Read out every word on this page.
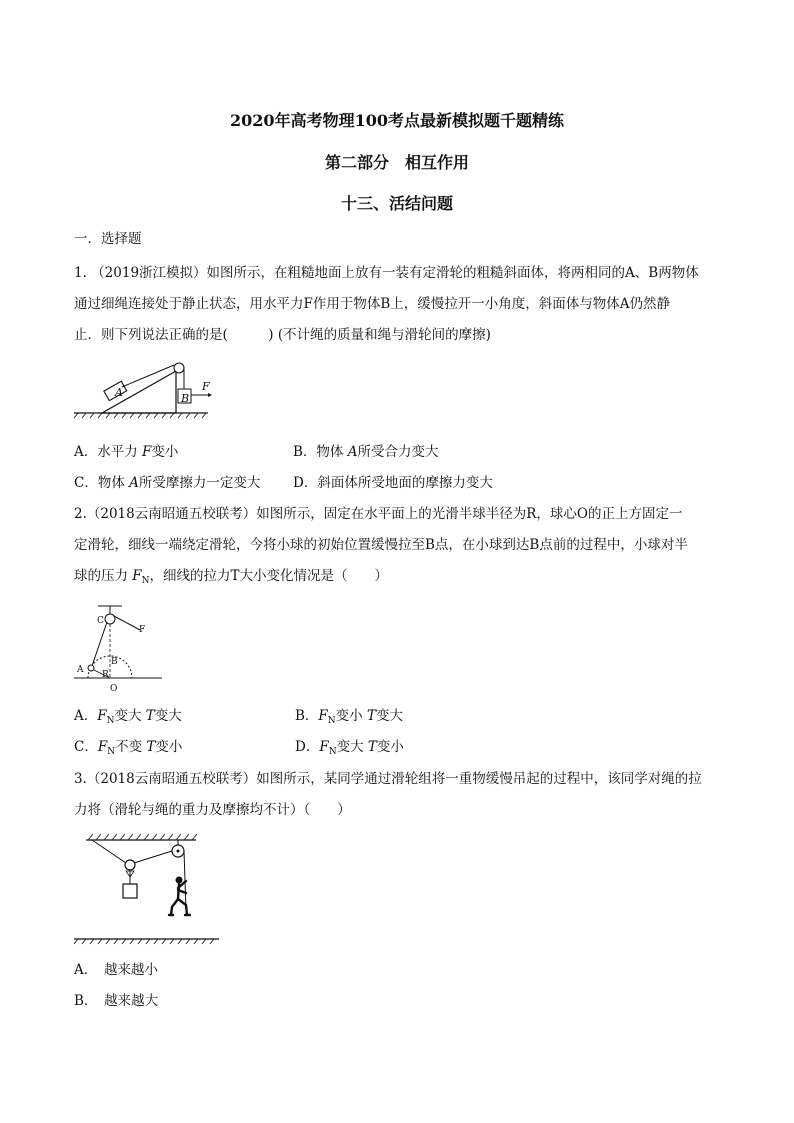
2020年高考物理100考点最新模拟题千题精练
第二部分　相互作用
十三、活结问题
一．选择题
1. （2019浙江模拟）如图所示，在粗糙地面上放有一装有定滑轮的粗糙斜面体，将两相同的A、B两物体
通过细绳连接处于静止状态，用水平力F作用于物体B上，缓慢拉开一小角度，斜面体与物体A仍然静
止．则下列说法正确的是(　　　) (不计绳的质量和绳与滑轮间的摩擦)
A	B
F
A．水平力 F变小	B．物体 A所受合力变大
C．物体 A所受摩擦力一定变大 D．斜面体所受地面的摩擦力变大
2.（2018云南昭通五校联考）如图所示，固定在水平面上的光滑半球半径为R，球心O的正上方固定一
定滑轮，细线一端绕定滑轮，今将小球的初始位置缓慢拉至B点，在小球到达B点前的过程中，小球对半
球的压力 $F_N$，细线的拉力T大小变化情况是（　　）
C
F
B
A R
O
A．$F_N$变大 T变大	B．$F_N$变小 T变大
C．$F_N$不变 T变小	D．$F_N$变大 T变小
3.（2018云南昭通五校联考）如图所示，某同学通过滑轮组将一重物缓慢吊起的过程中，该同学对绳的拉
力将（滑轮与绳的重力及摩擦均不计）（　　）
A．　越来越小
B．　越来越大
